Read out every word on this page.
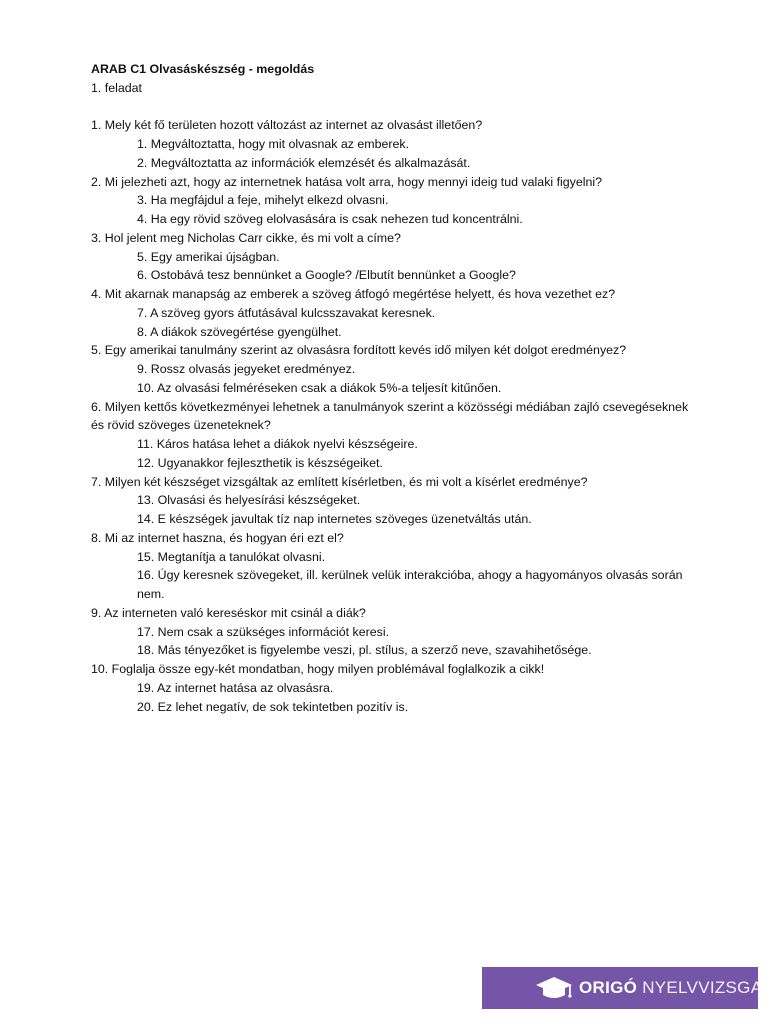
ARAB C1 Olvasáskészség - megoldás
1. feladat
1. Mely két fő területen hozott változást az internet az olvasást illetően?
1. Megváltoztatta, hogy mit olvasnak az emberek.
2. Megváltoztatta az információk elemzését és alkalmazását.
2. Mi jelezheti azt, hogy az internetnek hatása volt arra, hogy mennyi ideig tud valaki figyelni?
3. Ha megfájdul a feje, mihelyt elkezd olvasni.
4. Ha egy rövid szöveg elolvasására is csak nehezen tud koncentrálni.
3. Hol jelent meg Nicholas Carr cikke, és mi volt a címe?
5. Egy amerikai újságban.
6. Ostobává tesz bennünket a Google? /Elbutít bennünket a Google?
4. Mit akarnak manapság az emberek a szöveg átfogó megértése helyett, és hova vezethet ez?
7. A szöveg gyors átfutásával kulcsszavakat keresnek.
8. A diákok szövegértése gyengülhet.
5. Egy amerikai tanulmány szerint az olvasásra fordított kevés idő milyen két dolgot eredményez?
9. Rossz olvasás jegyeket eredményez.
10. Az olvasási felméréseken csak a diákok 5%-a teljesít kitűnően.
6. Milyen kettős következményei lehetnek a tanulmányok szerint a közösségi médiában zajló csevegéseknek és rövid szöveges üzeneteknek?
11. Káros hatása lehet a diákok nyelvi készségeire.
12. Ugyanakkor fejleszthetik is készségeiket.
7. Milyen két készséget vizsgáltak az említett kísérletben, és mi volt a kísérlet eredménye?
13. Olvasási és helyesírási készségeket.
14. E készségek javultak tíz nap internetes szöveges üzenetváltás után.
8. Mi az internet haszna, és hogyan éri ezt el?
15. Megtanítja a tanulókat olvasni.
16. Úgy keresnek szövegeket, ill. kerülnek velük interakcióba, ahogy a hagyományos olvasás során nem.
9. Az interneten való kereséskor mit csinál a diák?
17. Nem csak a szükséges információt keresi.
18. Más tényezőket is figyelembe veszi, pl. stílus, a szerző neve, szavahihetősége.
10. Foglalja össze egy-két mondatban, hogy milyen problémával foglalkozik a cikk!
19. Az internet hatása az olvasásra.
20. Ez lehet negatív, de sok tekintetben pozitív is.
ORIGÓ NYELVVIZSGA
